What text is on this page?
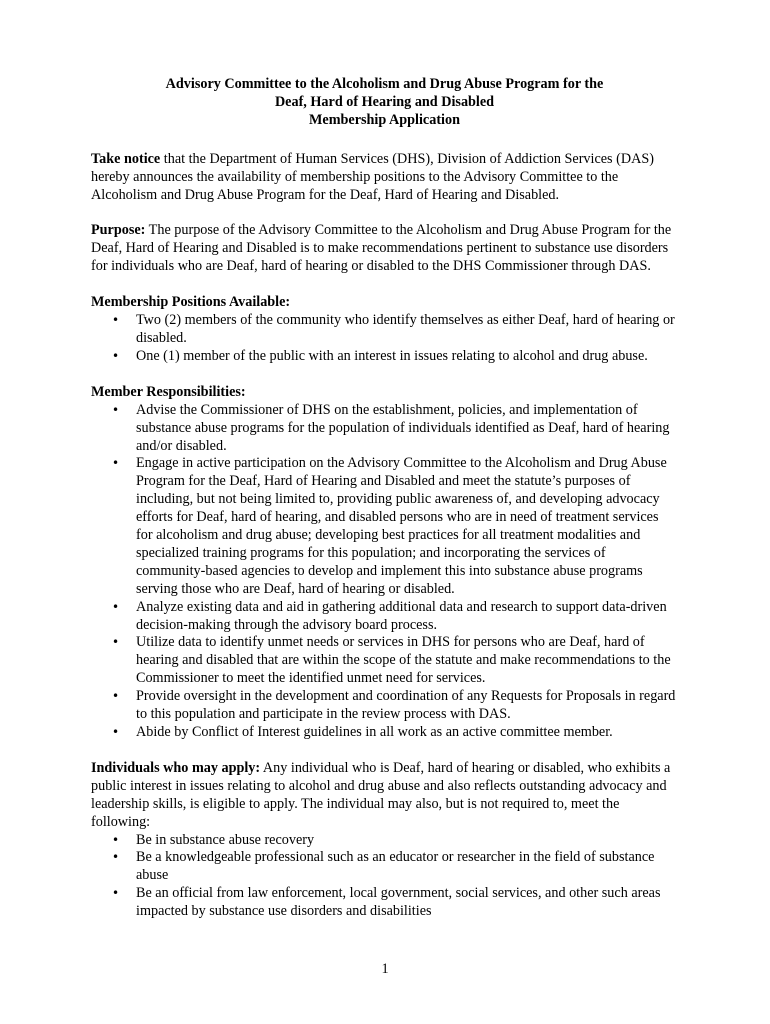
Advisory Committee to the Alcoholism and Drug Abuse Program for the
Deaf, Hard of Hearing and Disabled
Membership Application

Take notice that the Department of Human Services (DHS), Division of Addiction Services (DAS) hereby announces the availability of membership positions to the Advisory Committee to the Alcoholism and Drug Abuse Program for the Deaf, Hard of Hearing and Disabled.

Purpose: The purpose of the Advisory Committee to the Alcoholism and Drug Abuse Program for the Deaf, Hard of Hearing and Disabled is to make recommendations pertinent to substance use disorders for individuals who are Deaf, hard of hearing or disabled to the DHS Commissioner through DAS.

Membership Positions Available:

• Two (2) members of the community who identify themselves as either Deaf, hard of hearing or disabled.
• One (1) member of the public with an interest in issues relating to alcohol and drug abuse.

Member Responsibilities:

• Advise the Commissioner of DHS on the establishment, policies, and implementation of substance abuse programs for the population of individuals identified as Deaf, hard of hearing and/or disabled.
• Engage in active participation on the Advisory Committee to the Alcoholism and Drug Abuse Program for the Deaf, Hard of Hearing and Disabled and meet the statute’s purposes of including, but not being limited to, providing public awareness of, and developing advocacy efforts for Deaf, hard of hearing, and disabled persons who are in need of treatment services for alcoholism and drug abuse; developing best practices for all treatment modalities and specialized training programs for this population; and incorporating the services of community-based agencies to develop and implement this into substance abuse programs serving those who are Deaf, hard of hearing or disabled.
• Analyze existing data and aid in gathering additional data and research to support data-driven decision-making through the advisory board process.
• Utilize data to identify unmet needs or services in DHS for persons who are Deaf, hard of hearing and disabled that are within the scope of the statute and make recommendations to the Commissioner to meet the identified unmet need for services.
• Provide oversight in the development and coordination of any Requests for Proposals in regard to this population and participate in the review process with DAS.
• Abide by Conflict of Interest guidelines in all work as an active committee member.

Individuals who may apply: Any individual who is Deaf, hard of hearing or disabled, who exhibits a public interest in issues relating to alcohol and drug abuse and also reflects outstanding advocacy and leadership skills, is eligible to apply. The individual may also, but is not required to, meet the following:

• Be in substance abuse recovery
• Be a knowledgeable professional such as an educator or researcher in the field of substance abuse
• Be an official from law enforcement, local government, social services, and other such areas impacted by substance use disorders and disabilities
1
